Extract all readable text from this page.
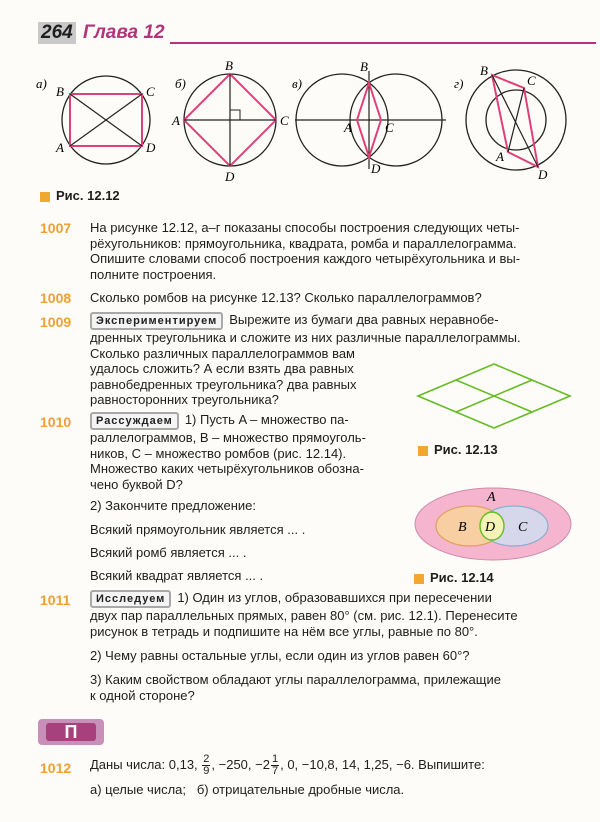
264 Глава 12
а)
B	C
A	D
б)
B
A	C
D
в)
B
A	C
D
г)
B
C
A
D
Рис. 12.12
1007 На рисунке 12.12, а–г показаны способы построения следующих четы-
рёхугольников: прямоугольника, квадрата, ромба и параллелограмма.
Опишите словами способ построения каждого четырёхугольника и вы-
полните построения.
1008 Сколько ромбов на рисунке 12.13? Сколько параллелограммов?
1009	Экспериментируем Вырежите из бумаги два равных неравнобе-
дренных треугольника и сложите из них различные параллелограммы.
Сколько различных параллелограммов вам
удалось сложить? А если взять два равных
равнобедренных треугольника? два равных
равносторонних треугольника?
Рис. 12.13
1010	Рассуждаем 1) Пусть A – множество па-
раллелограммов, B – множество прямоуголь-
ников, C – множество ромбов (рис. 12.14).
Множество каких четырёхугольников обозна-
чено буквой D?
2) Закончите предложение:
Всякий прямоугольник является ... .
Всякий ромб является ... .
Всякий квадрат является ... .
A
B D C
Рис. 12.14
1011	Исследуем 1) Один из углов, образовавшихся при пересечении
двух пар параллельных прямых, равен 80° (см. рис. 12.1). Перенесите
рисунок в тетрадь и подпишите на нём все углы, равные по 80°.
2) Чему равны остальные углы, если один из углов равен 60°?
3) Каким свойством обладают углы параллелограмма, прилежащие
к одной стороне?
П
1012 Даны числа: 0,13, $\frac{2}{9}$ , −250, $-2 \frac{1}{7}$ , 0, −10,8, 14, 1,25, −6. Выпишите:
а) целые числа;   б) отрицательные дробные числа.
